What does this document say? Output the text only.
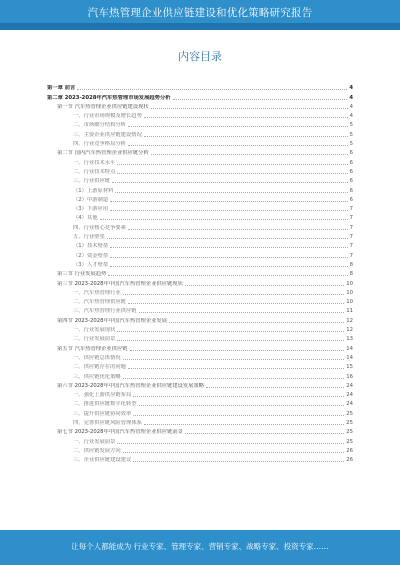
汽车热管理企业供应链建设和优化策略研究报告
内容目录
第一章 前言	4
第二章 2023-2028年汽车热管理市场发展趋势分析	4
第一节 汽车热管理企业供应链建设现状	4
一、行业市场规模及增长趋势	4
二、市场细分结构分析	5
三、主要企业供应链建设情况	5
四、行业竞争格局分析	5
第二节 国内汽车热管理企业供应链分析	6
一、行业技术水平	6
二、行业技术特点	6
三、行业供应链	6
（1）上游原材料	6
（2）中游制造	6
（3）下游应用	7
（4）其他	7
四、行业核心竞争要素	7
五、行业壁垒	7
（1）技术壁垒	7
（2）资金壁垒	7
（3）人才壁垒	8
第三节 行业发展趋势	8
第三节 2023-2028年中国汽车热管理企业供应链现状	10
一、汽车热管理行业	10
二、汽车热管理供应链	10
三、汽车热管理行业供应链	11
第四节 2023-2028年中国汽车热管理企业发展	12
一、行业发展现状	12
二、行业发展前景	13
第五节 汽车热管理企业供应链	14
一、供应链总体情况	14
二、供应链存在的问题	15
三、供应链优化策略	16
第六节 2023-2028年中国汽车热管理企业供应链建设发展策略	24
一、强化上游供应链布局	24
二、推进供应链数字化转型	24
三、提升供应链协同效率	25
四、完善供应链风险管理体系	25
第七节 2023-2028年中国汽车热管理企业供应链前景	25
一、行业发展前景	25
二、供应链发展方向	26
三、企业供应链建设建议	26
让每个人都能成为 行业专家、管理专家、营销专家、战略专家、投资专家……
